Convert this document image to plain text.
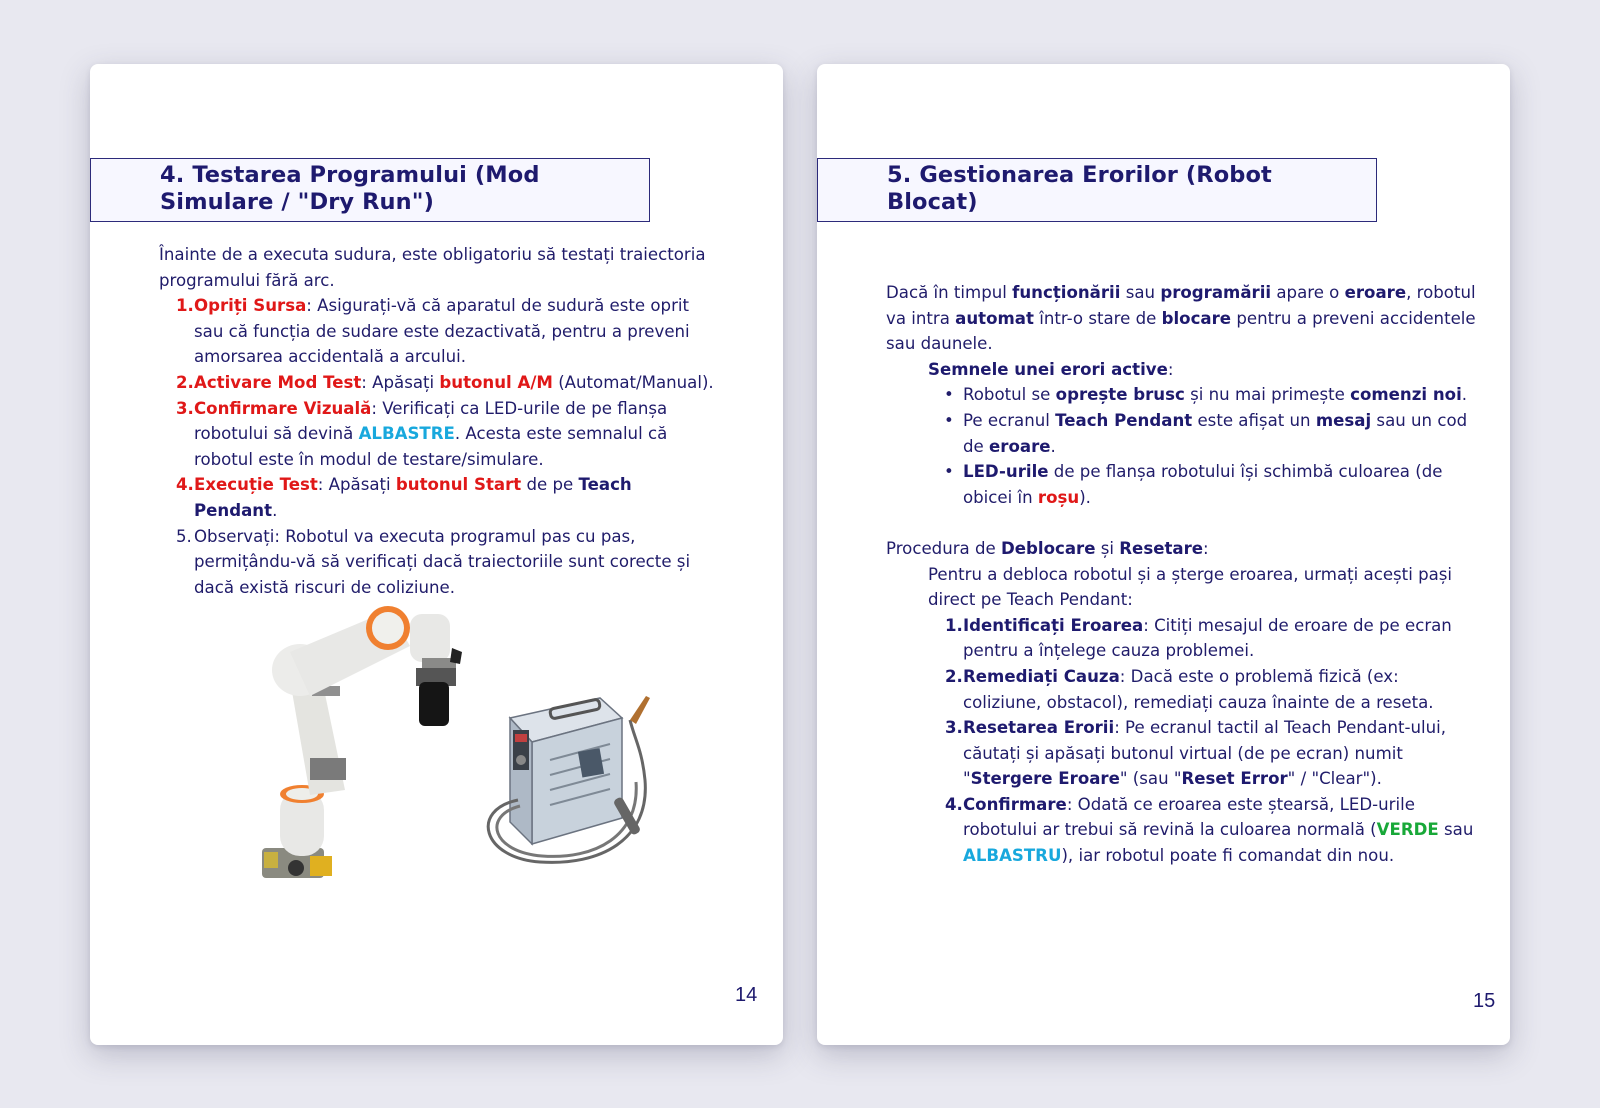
4. Testarea Programului (Mod Simulare / "Dry Run")

Înainte de a executa sudura, este obligatoriu să testați traiectoria programului fără arc.

1. Opriți Sursa: Asigurați-vă că aparatul de sudură este oprit sau că funcția de sudare este dezactivată, pentru a preveni amorsarea accidentală a arcului.
2. Activare Mod Test: Apăsați butonul A/M (Automat/Manual).
3. Confirmare Vizuală: Verificați ca LED-urile de pe flanșa robotului să devină ALBASTRE. Acesta este semnalul că robotul este în modul de testare/simulare.
4. Execuție Test: Apăsați butonul Start de pe Teach Pendant.
5. Observați: Robotul va executa programul pas cu pas, permițându-vă să verificați dacă traiectoriile sunt corecte și dacă există riscuri de coliziune.
14
5. Gestionarea Erorilor (Robot Blocat)

Dacă în timpul funcționării sau programării apare o eroare, robotul va intra automat într-o stare de blocare pentru a preveni accidentele sau daunele.

Semnele unei erori active:

• Robotul se oprește brusc și nu mai primește comenzi noi.
• Pe ecranul Teach Pendant este afișat un mesaj sau un cod de eroare.
• LED-urile de pe flanșa robotului își schimbă culoarea (de obicei în roșu).

Procedura de Deblocare și Resetare:

Pentru a debloca robotul și a șterge eroarea, urmați acești pași direct pe Teach Pendant:

1. Identificați Eroarea: Citiți mesajul de eroare de pe ecran pentru a înțelege cauza problemei.
2. Remediați Cauza: Dacă este o problemă fizică (ex: coliziune, obstacol), remediați cauza înainte de a reseta.
3. Resetarea Erorii: Pe ecranul tactil al Teach Pendant-ului, căutați și apăsați butonul virtual (de pe ecran) numit "Stergere Eroare" (sau "Reset Error" / "Clear").
4. Confirmare: Odată ce eroarea este ștearsă, LED-urile robotului ar trebui să revină la culoarea normală (VERDE sau ALBASTRU), iar robotul poate fi comandat din nou.
15
